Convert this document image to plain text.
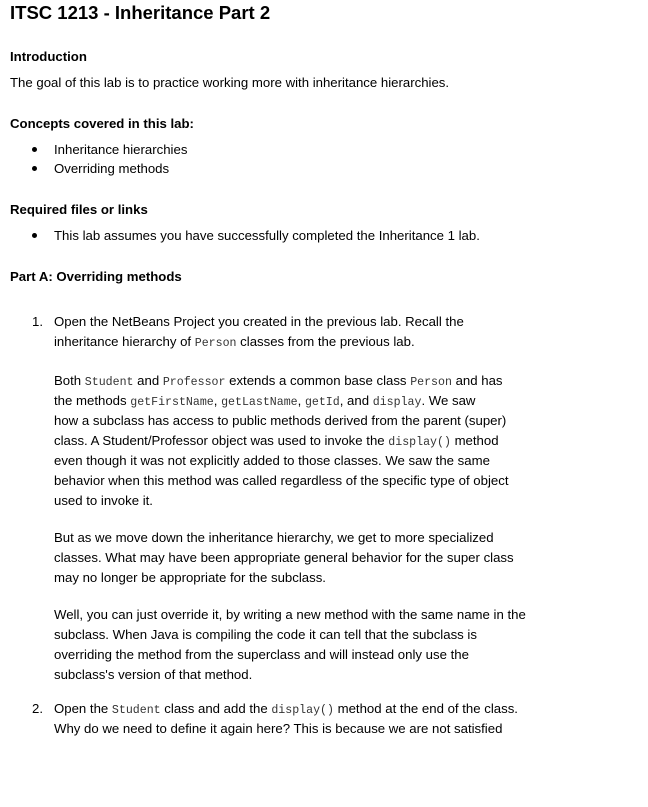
ITSC 1213 - Inheritance Part 2
Introduction
The goal of this lab is to practice working more with inheritance hierarchies.
Concepts covered in this lab:
Inheritance hierarchies
Overriding methods
Required files or links
This lab assumes you have successfully completed the Inheritance 1 lab.
Part A: Overriding methods
1. Open the NetBeans Project you created in the previous lab. Recall the
inheritance hierarchy of Person classes from the previous lab.
Both Student and Professor extends a common base class Person and has
the methods getFirstName, getLastName, getId, and display. We saw
how a subclass has access to public methods derived from the parent (super)
class. A Student/Professor object was used to invoke the display() method
even though it was not explicitly added to those classes. We saw the same
behavior when this method was called regardless of the specific type of object
used to invoke it.
But as we move down the inheritance hierarchy, we get to more specialized
classes. What may have been appropriate general behavior for the super class
may no longer be appropriate for the subclass.
Well, you can just override it, by writing a new method with the same name in the
subclass. When Java is compiling the code it can tell that the subclass is
overriding the method from the superclass and will instead only use the
subclass's version of that method.
2. Open the Student class and add the display() method at the end of the class.
Why do we need to define it again here? This is because we are not satisfied
